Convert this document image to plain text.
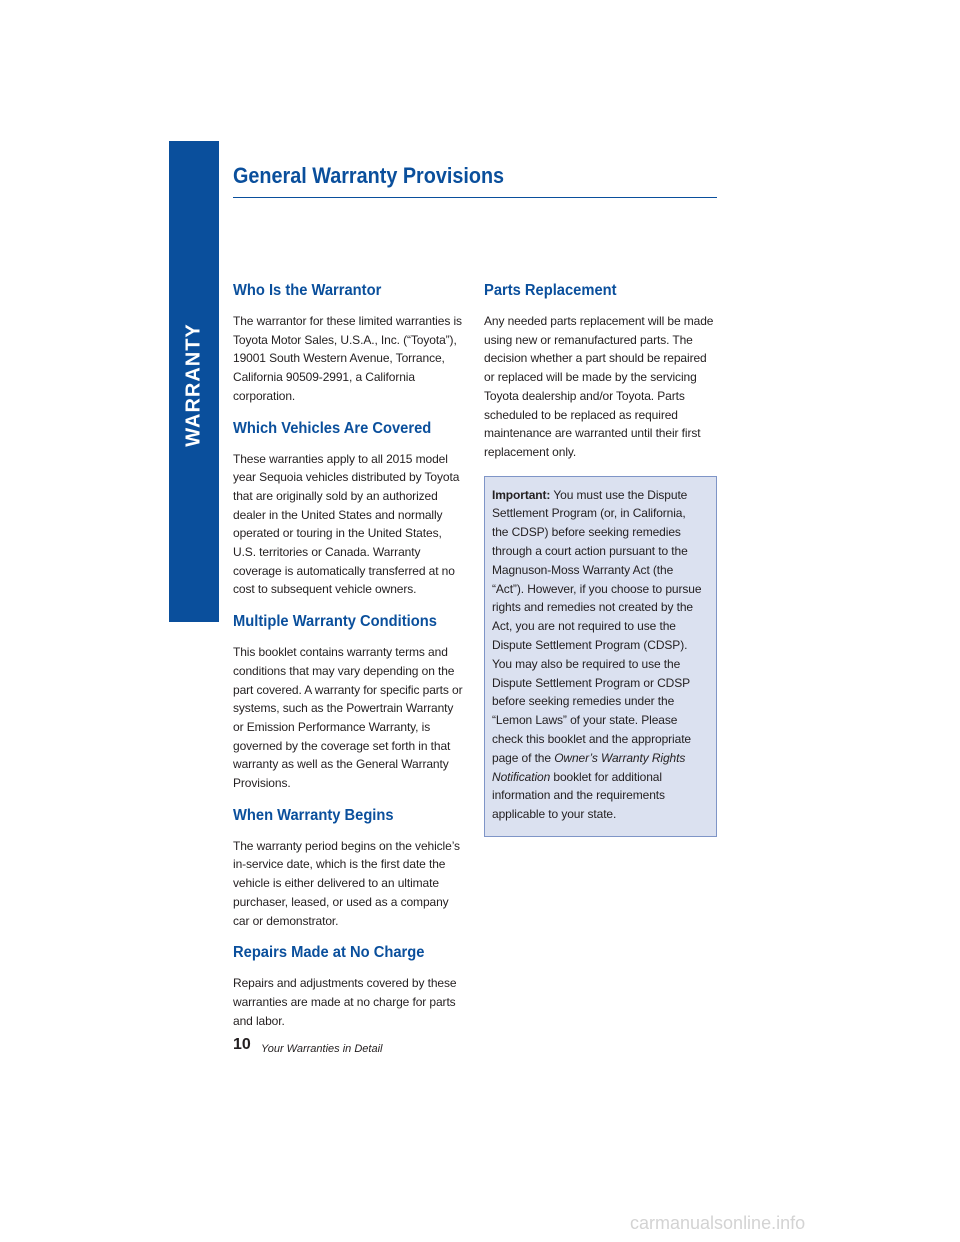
WARRANTY
General Warranty Provisions
Who Is the Warrantor

The warrantor for these limited warranties is Toyota Motor Sales, U.S.A., Inc. (“Toyota”), 19001 South Western Avenue, Torrance, California 90509-2991, a California corporation.

Which Vehicles Are Covered

These warranties apply to all 2015 model year Sequoia vehicles distributed by Toyota that are originally sold by an authorized dealer in the United States and normally operated or touring in the United States, U.S. territories or Canada. Warranty coverage is automatically transferred at no cost to subsequent vehicle owners.

Multiple Warranty Conditions

This booklet contains warranty terms and conditions that may vary depending on the part covered. A warranty for specific parts or systems, such as the Powertrain Warranty or Emission Performance Warranty, is governed by the coverage set forth in that warranty as well as the General Warranty Provisions.

When Warranty Begins

The warranty period begins on the vehicle’s in-service date, which is the first date the vehicle is either delivered to an ultimate purchaser, leased, or used as a company car or demonstrator.

Repairs Made at No Charge

Repairs and adjustments covered by these warranties are made at no charge for parts and labor.

Parts Replacement

Any needed parts replacement will be made using new or remanufactured parts. The decision whether a part should be repaired or replaced will be made by the servicing Toyota dealership and/or Toyota. Parts scheduled to be replaced as required maintenance are warranted until their first replacement only.

Important: You must use the Dispute Settlement Program (or, in California, the CDSP) before seeking remedies through a court action pursuant to the Magnuson-Moss Warranty Act (the “Act”). However, if you choose to pursue rights and remedies not created by the Act, you are not required to use the Dispute Settlement Program (CDSP). You may also be required to use the Dispute Settlement Program or CDSP before seeking remedies under the “Lemon Laws” of your state. Please check this booklet and the appropriate page of the Owner’s Warranty Rights Notification booklet for additional information and the requirements applicable to your state.

10 Your Warranties in Detail
carmanualsonline.info
